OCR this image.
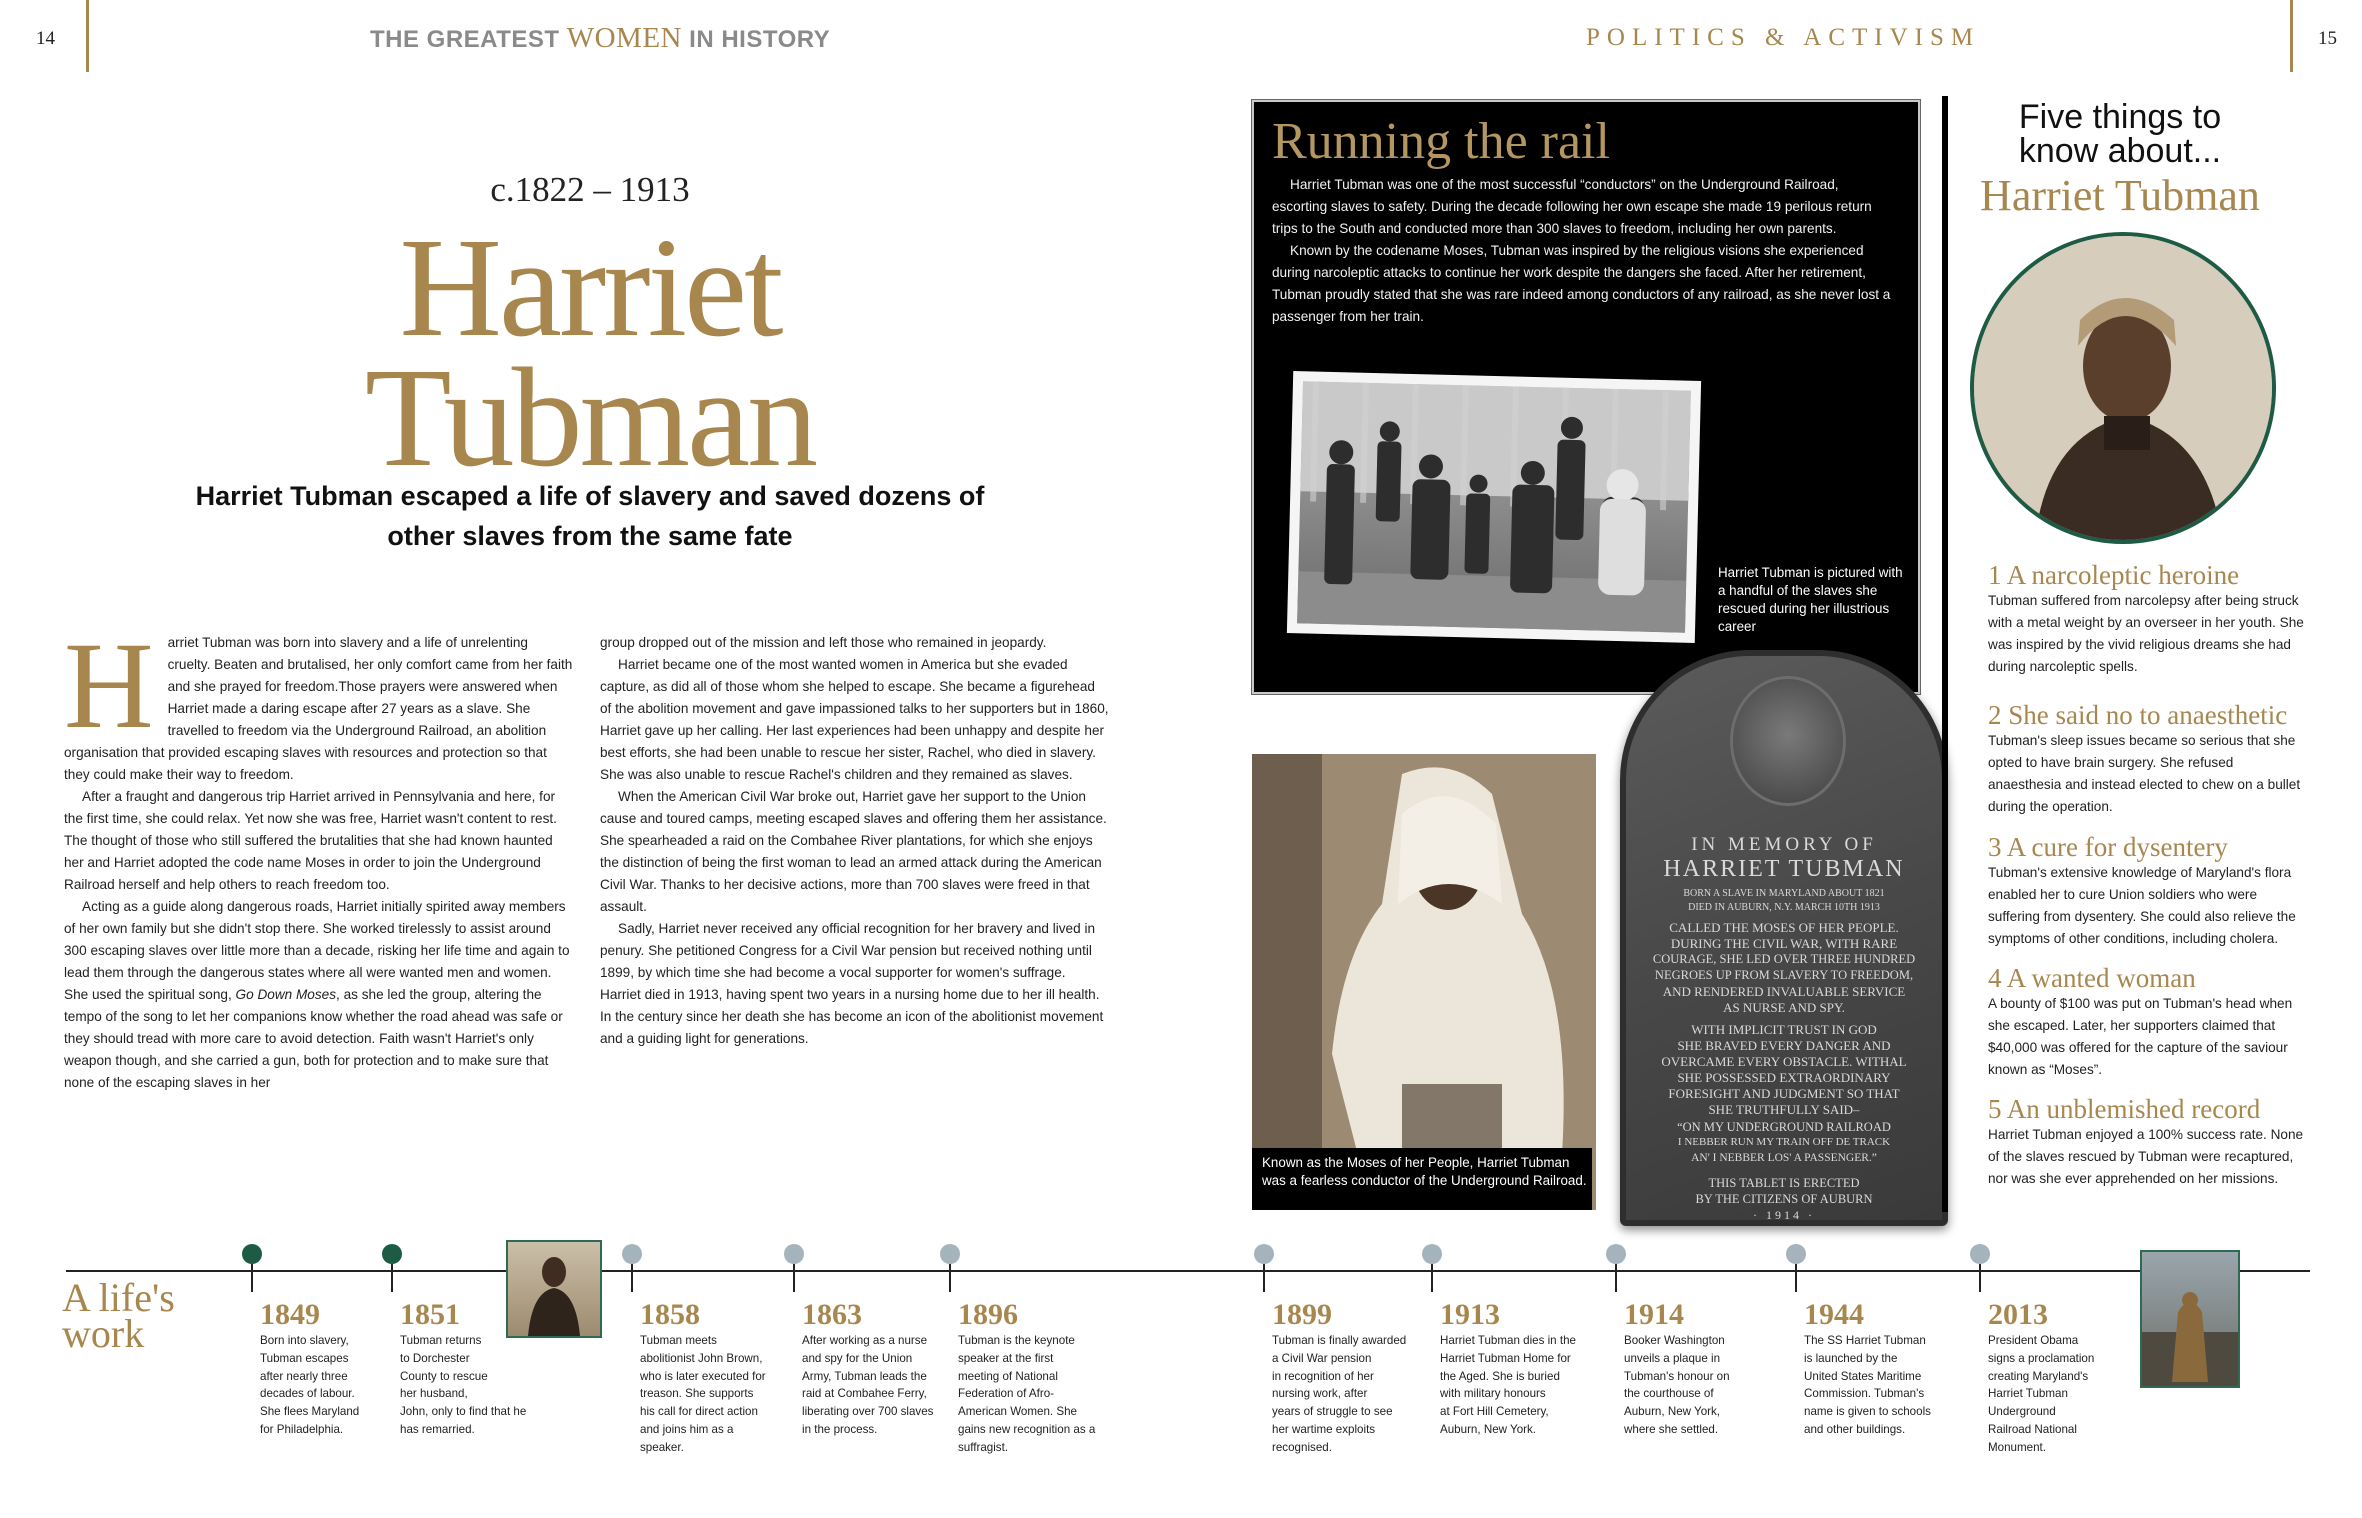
14	THE GREATEST WOMEN IN HISTORY	POLITICS & ACTIVISM	15
c.1822 – 1913
Harriet
Tubman
Harriet Tubman escaped a life of slavery and saved dozens of other slaves from the same fate
H	arriet Tubman was born into slavery and a life of unrelenting cruelty. Beaten and brutalised, her only comfort came from her faith and she prayed for freedom.Those prayers were answered when Harriet made a daring escape after 27 years as a slave. She travelled to freedom via the Underground Railroad, an abolition organisation that provided escaping slaves with resources and protection so that they could make their way to freedom.

After a fraught and dangerous trip Harriet arrived in Pennsylvania and here, for the first time, she could relax. Yet now she was free, Harriet wasn't content to rest. The thought of those who still suffered the brutalities that she had known haunted her and Harriet adopted the code name Moses in order to join the Underground Railroad herself and help others to reach freedom too.

Acting as a guide along dangerous roads, Harriet initially spirited away members of her own family but she didn't stop there. She worked tirelessly to assist around 300 escaping slaves over little more than a decade, risking her life time and again to lead them through the dangerous states where all were wanted men and women. She used the spiritual song, Go Down Moses, as she led the group, altering the tempo of the song to let her companions know whether the road ahead was safe or they should tread with more care to avoid detection. Faith wasn't Harriet's only weapon though, and she carried a gun, both for protection and to make sure that none of the escaping slaves in her

group dropped out of the mission and left those who remained in jeopardy.

Harriet became one of the most wanted women in America but she evaded capture, as did all of those whom she helped to escape. She became a figurehead of the abolition movement and gave impassioned talks to her supporters but in 1860, Harriet gave up her calling. Her last experiences had been unhappy and despite her best efforts, she had been unable to rescue her sister, Rachel, who died in slavery. She was also unable to rescue Rachel's children and they remained as slaves.

When the American Civil War broke out, Harriet gave her support to the Union cause and toured camps, meeting escaped slaves and offering them her assistance. She spearheaded a raid on the Combahee River plantations, for which she enjoys the distinction of being the first woman to lead an armed attack during the American Civil War. Thanks to her decisive actions, more than 700 slaves were freed in that assault.

Sadly, Harriet never received any official recognition for her bravery and lived in penury. She petitioned Congress for a Civil War pension but received nothing until 1899, by which time she had become a vocal supporter for women's suffrage. Harriet died in 1913, having spent two years in a nursing home due to her ill health. In the century since her death she has become an icon of the abolitionist movement and a guiding light for generations.

Running the rail

Harriet Tubman was one of the most successful “conductors” on the Underground Railroad, escorting slaves to safety. During the decade following her own escape she made 19 perilous return trips to the South and conducted more than 300 slaves to freedom, including her own parents.

Known by the codename Moses, Tubman was inspired by the religious visions she experienced during narcoleptic attacks to continue her work despite the dangers she faced. After her retirement, Tubman proudly stated that she was rare indeed among conductors of any railroad, as she never lost a passenger from her train.

Harriet Tubman is pictured with a handful of the slaves she rescued during her illustrious career
Known as the Moses of her People, Harriet Tubman was a fearless conductor of the Underground Railroad.
IN MEMORY OF
HARRIET TUBMAN
BORN A SLAVE IN MARYLAND ABOUT 1821
DIED IN AUBURN, N.Y. MARCH 10TH 1913
CALLED THE MOSES OF HER PEOPLE.
DURING THE CIVIL WAR, WITH RARE
COURAGE, SHE LED OVER THREE HUNDRED
NEGROES UP FROM SLAVERY TO FREEDOM,
AND RENDERED INVALUABLE SERVICE
AS NURSE AND SPY.
WITH IMPLICIT TRUST IN GOD
SHE BRAVED EVERY DANGER AND
OVERCAME EVERY OBSTACLE. WITHAL
SHE POSSESSED EXTRAORDINARY
FORESIGHT AND JUDGMENT SO THAT
SHE TRUTHFULLY SAID–
“ON MY UNDERGROUND RAILROAD
I NEBBER RUN MY TRAIN OFF DE TRACK
AN' I NEBBER LOS' A PASSENGER.”
THIS TABLET IS ERECTED
BY THE CITIZENS OF AUBURN
· 1914 ·
Five things to
know about...
Harriet Tubman
1 A narcoleptic heroine
Tubman suffered from narcolepsy after being struck with a metal weight by an overseer in her youth. She was inspired by the vivid religious dreams she had during narcoleptic spells.
2 She said no to anaesthetic
Tubman's sleep issues became so serious that she opted to have brain surgery. She refused anaesthesia and instead elected to chew on a bullet during the operation.
3 A cure for dysentery
Tubman's extensive knowledge of Maryland's flora enabled her to cure Union soldiers who were suffering from dysentery. She could also relieve the symptoms of other conditions, including cholera.
4 A wanted woman
A bounty of $100 was put on Tubman's head when she escaped. Later, her supporters claimed that $40,000 was offered for the capture of the saviour known as “Moses”.
5 An unblemished record
Harriet Tubman enjoyed a 100% success rate. None of the slaves rescued by Tubman were recaptured, nor was she ever apprehended on her missions.
A life's
work	1849
Born into slavery,
Tubman escapes
after nearly three
decades of labour.
She flees Maryland
for Philadelphia.
1851
Tubman returns
to Dorchester
County to rescue
her husband,
John, only to find that he
has remarried.
1858
Tubman meets
abolitionist John Brown,
who is later executed for
treason. She supports
his call for direct action
and joins him as a
speaker.
1863
After working as a nurse
and spy for the Union
Army, Tubman leads the
raid at Combahee Ferry,
liberating over 700 slaves
in the process.
1896
Tubman is the keynote
speaker at the first
meeting of National
Federation of Afro-
American Women. She
gains new recognition as a
suffragist.
1899
Tubman is finally awarded
a Civil War pension
in recognition of her
nursing work, after
years of struggle to see
her wartime exploits
recognised.
1913
Harriet Tubman dies in the
Harriet Tubman Home for
the Aged. She is buried
with military honours
at Fort Hill Cemetery,
Auburn, New York.
1914
Booker Washington
unveils a plaque in
Tubman's honour on
the courthouse of
Auburn, New York,
where she settled.
1944
The SS Harriet Tubman
is launched by the
United States Maritime
Commission. Tubman's
name is given to schools
and other buildings.
2013
President Obama
signs a proclamation
creating Maryland's
Harriet Tubman
Underground
Railroad National
Monument.
